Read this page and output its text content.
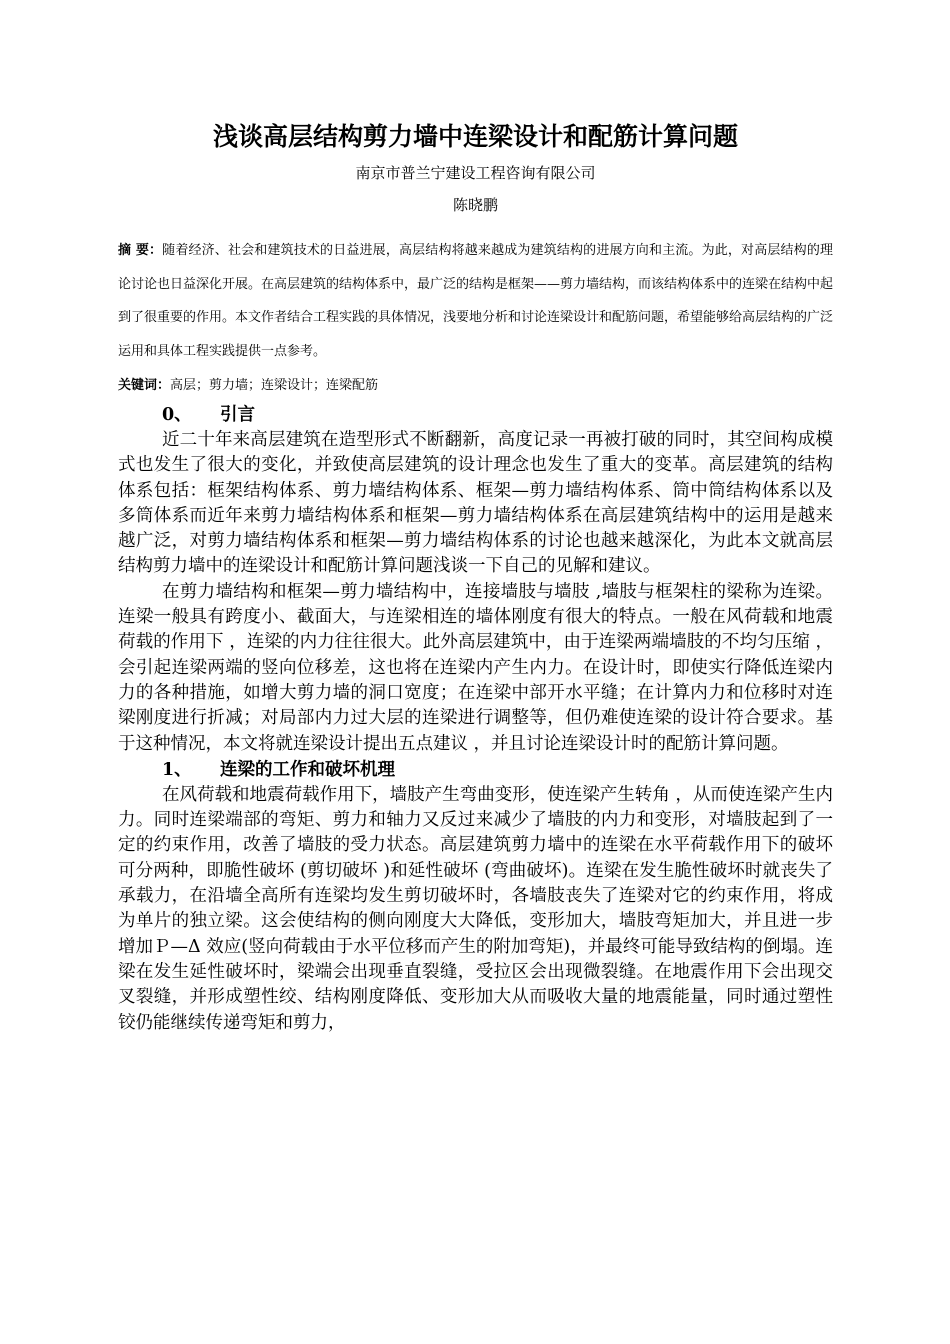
浅谈高层结构剪力墙中连梁设计和配筋计算问题

南京市普兰宁建设工程咨询有限公司

陈晓鹏

摘 要：随着经济、社会和建筑技术的日益进展，高层结构将越来越成为建筑结构的进展方向和主流。为此，对高层结构的理论讨论也日益深化开展。在高层建筑的结构体系中，最广泛的结构是框架——剪力墙结构，而该结构体系中的连梁在结构中起到了很重要的作用。本文作者结合工程实践的具体情况，浅要地分析和讨论连梁设计和配筋问题，希望能够给高层结构的广泛运用和具体工程实践提供一点参考。
关键词：高层；剪力墙；连梁设计；连梁配筋

0、 引言

近二十年来高层建筑在造型形式不断翻新，高度记录一再被打破的同时，其空间构成模式也发生了很大的变化，并致使高层建筑的设计理念也发生了重大的变革。高层建筑的结构体系包括：框架结构体系、剪力墙结构体系、框架—剪力墙结构体系、筒中筒结构体系以及多筒体系而近年来剪力墙结构体系和框架—剪力墙结构体系在高层建筑结构中的运用是越来越广泛，对剪力墙结构体系和框架—剪力墙结构体系的讨论也越来越深化，为此本文就高层结构剪力墙中的连梁设计和配筋计算问题浅谈一下自己的见解和建议。

在剪力墙结构和框架—剪力墙结构中，连接墙肢与墙肢 ,墙肢与框架柱的梁称为连梁。连梁一般具有跨度小、截面大，与连梁相连的墙体刚度有很大的特点。一般在风荷载和地震荷载的作用下 ，连梁的内力往往很大。此外高层建筑中，由于连梁两端墙肢的不均匀压缩 ，会引起连梁两端的竖向位移差，这也将在连梁内产生内力。在设计时，即使实行降低连梁内力的各种措施，如增大剪力墙的洞口宽度；在连梁中部开水平缝；在计算内力和位移时对连梁刚度进行折减；对局部内力过大层的连梁进行调整等，但仍难使连梁的设计符合要求。基于这种情况，本文将就连梁设计提出五点建议 ，并且讨论连梁设计时的配筋计算问题。

1、 连梁的工作和破坏机理

在风荷载和地震荷载作用下，墙肢产生弯曲变形，使连梁产生转角 ，从而使连梁产生内力。同时连梁端部的弯矩、剪力和轴力又反过来减少了墙肢的内力和变形，对墙肢起到了一定的约束作用，改善了墙肢的受力状态。高层建筑剪力墙中的连梁在水平荷载作用下的破坏可分两种，即脆性破坏 (剪切破坏 )和延性破坏 (弯曲破坏)。连梁在发生脆性破坏时就丧失了承载力，在沿墙全高所有连梁均发生剪切破坏时，各墙肢丧失了连梁对它的约束作用，将成为单片的独立梁。这会使结构的侧向刚度大大降低，变形加大，墙肢弯矩加大，并且进一步增加Ｐ—Δ 效应(竖向荷载由于水平位移而产生的附加弯矩)，并最终可能导致结构的倒塌。连梁在发生延性破坏时，梁端会出现垂直裂缝，受拉区会出现微裂缝。在地震作用下会出现交叉裂缝，并形成塑性绞、结构刚度降低、变形加大从而吸收大量的地震能量，同时通过塑性铰仍能继续传递弯矩和剪力，
